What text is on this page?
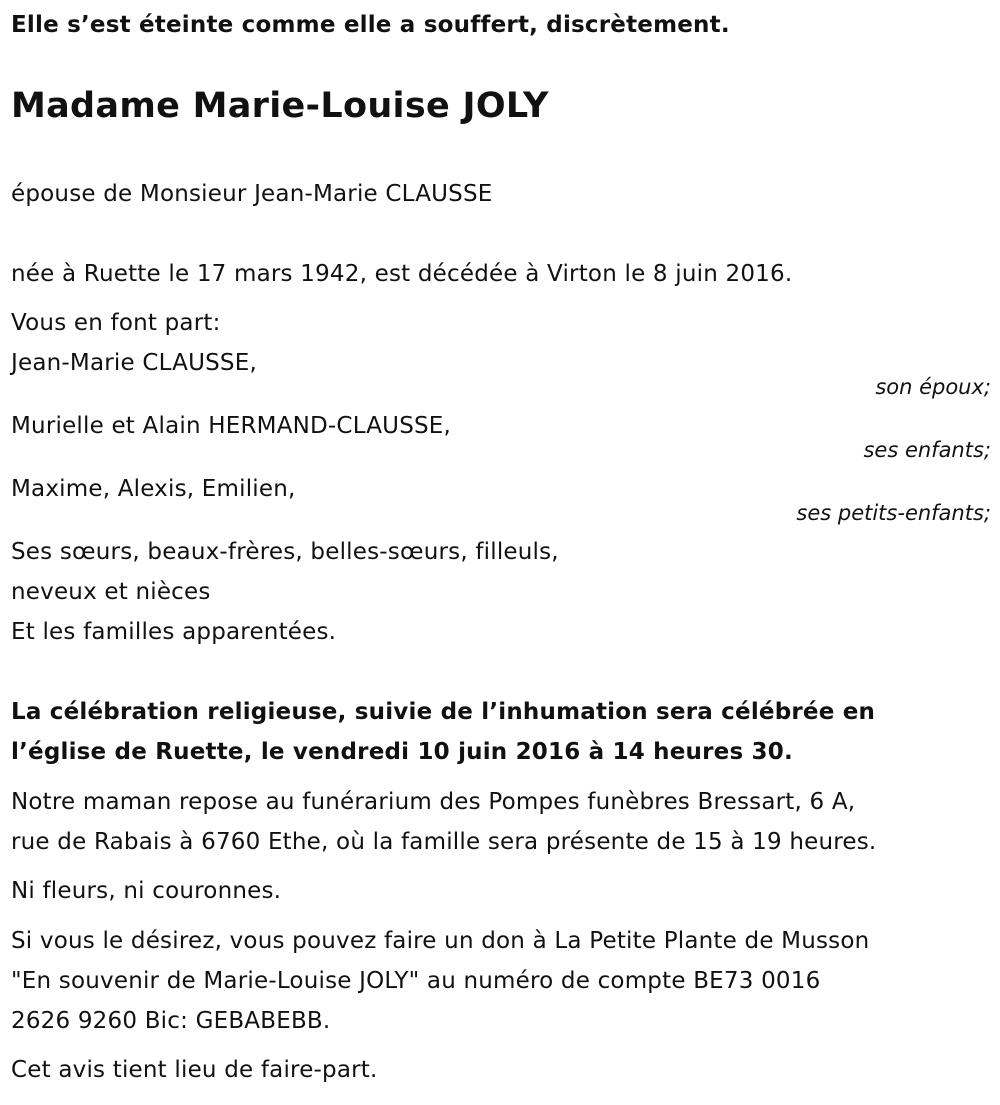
Elle s’est éteinte comme elle a souffert, discrètement.
Madame Marie-Louise JOLY
épouse de Monsieur Jean-Marie CLAUSSE
née à Ruette le 17 mars 1942, est décédée à Virton le 8 juin 2016.
Vous en font part:
Jean-Marie CLAUSSE,
son époux;
Murielle et Alain HERMAND-CLAUSSE,
ses enfants;
Maxime, Alexis, Emilien,
ses petits-enfants;
Ses sœurs, beaux-frères, belles-sœurs, filleuls,
neveux et nièces
Et les familles apparentées.
La célébration religieuse, suivie de l’inhumation sera célébrée en
l’église de Ruette, le vendredi 10 juin 2016 à 14 heures 30.
Notre maman repose au funérarium des Pompes funèbres Bressart, 6 A,
rue de Rabais à 6760 Ethe, où la famille sera présente de 15 à 19 heures.
Ni fleurs, ni couronnes.
Si vous le désirez, vous pouvez faire un don à La Petite Plante de Musson
"En souvenir de Marie-Louise JOLY" au numéro de compte BE73 0016
2626 9260 Bic: GEBABEBB.
Cet avis tient lieu de faire-part.
